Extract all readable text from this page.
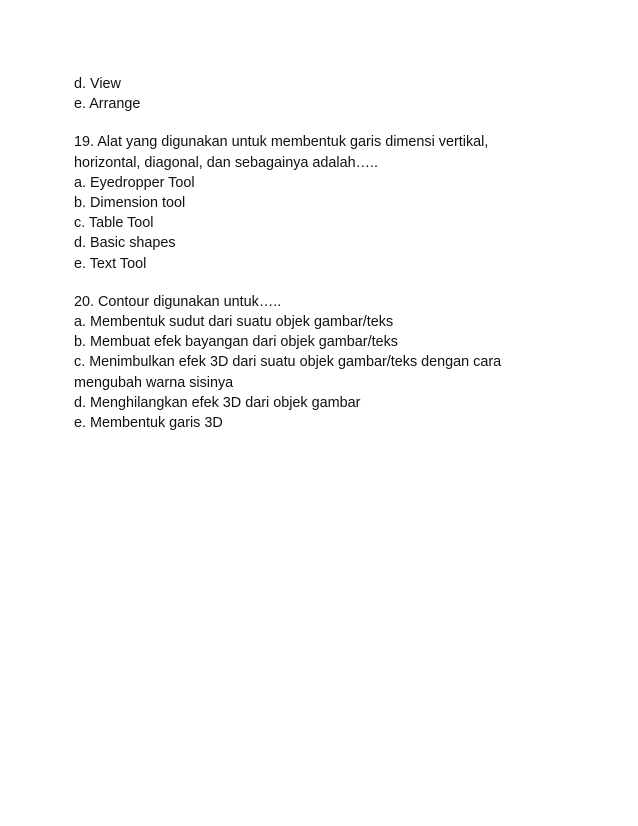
d. View
e. Arrange
19. Alat yang digunakan untuk membentuk garis dimensi vertikal,
horizontal, diagonal, dan sebagainya adalah…..
a. Eyedropper Tool
b. Dimension tool
c. Table Tool
d. Basic shapes
e. Text Tool
20. Contour digunakan untuk…..
a. Membentuk sudut dari suatu objek gambar/teks
b. Membuat efek bayangan dari objek gambar/teks
c. Menimbulkan efek 3D dari suatu objek gambar/teks dengan cara
mengubah warna sisinya
d. Menghilangkan efek 3D dari objek gambar
e. Membentuk garis 3D
